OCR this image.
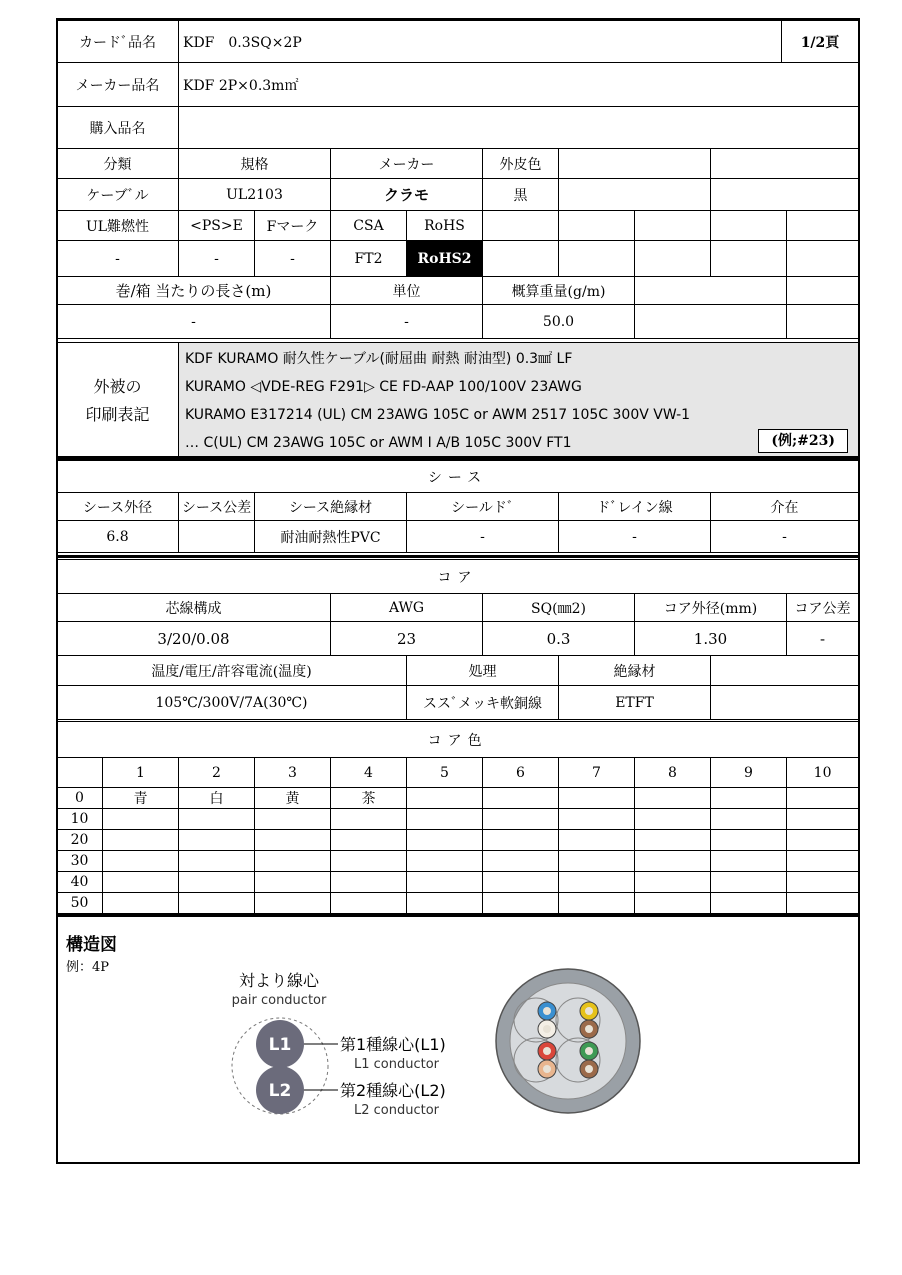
カードﾞ品名	KDF　0.3SQ×2P	1/2頁
メーカー品名	KDF 2P×0.3m㎡
購入品名	
分類	規格		メーカー		外皮色				
ケーブﾞル	UL2103		クラモ		黒				
UL難燃性	<PS>E	Fマーク	CSA	RoHS					
-	-	-	FT2	RoHS2					
巻/箱 当たりの長さ(m)			単位		概算重量(g/m)				
-			-		50.0				
外被の
印刷表記

KDF KURAMO 耐久性ケーブル(耐屈曲 耐熱 耐油型) 0.3㎟ LF
KURAMO ◁VDE-REG F291▷ CE FD-AAP 100/100V 23AWG
KURAMO E317214 (UL) CM 23AWG 105C or AWM 2517 105C 300V VW-1
… C(UL) CM 23AWG 105C or AWM I A/B 105C 300V FT1	(例;#23)
シース					
シース外径	シース公差	シース絶縁材	シールドﾞ	ドﾞレイン線	介在
6.8		耐油耐熱性PVC	-	-	-
コア							
芯線構成	AWG		SQ(㎜2)		コア外径(mm)		コア公差
3/20/0.08	23		0.3		1.30		-
温度/電圧/許容電流(温度)		処理		絶縁材			
105℃/300V/7A(30℃)		ススﾞメッキ軟銅線		ETFT			
コア色										
	1	2	3	4	5	6	7	8	9	10
0	青	白	黄	茶						
10										
20										
30										
40										
50										
構造図
例：4P
対より線心
pair conductor
L1
L2
第1種線心(L1)
L1 conductor
第2種線心(L2)
L2 conductor
